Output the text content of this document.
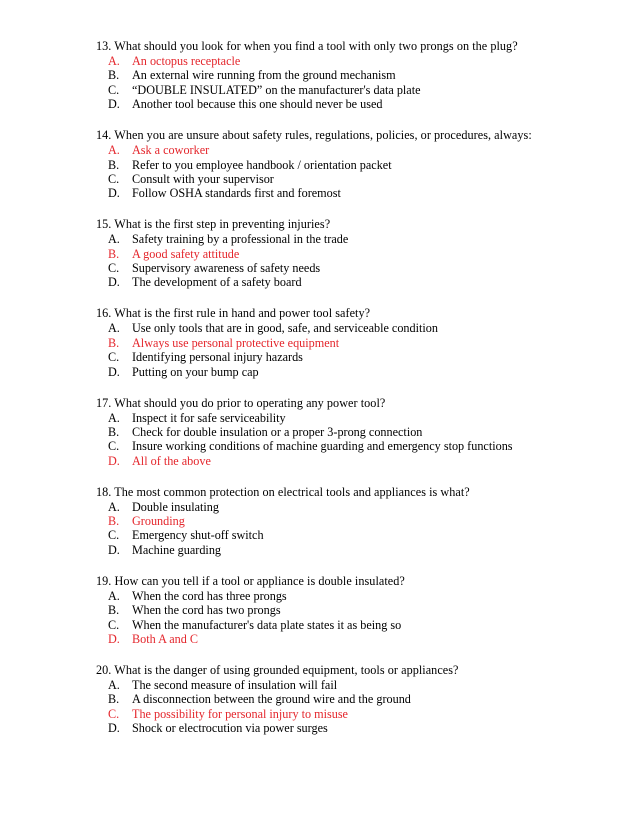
13. What should you look for when you find a tool with only two prongs on the plug?
A. An octopus receptacle
B.	An external wire running from the ground mechanism
C.	“DOUBLE INSULATED” on the manufacturer's data plate
D. Another tool because this one should never be used
14. When you are unsure about safety rules, regulations, policies, or procedures, always:
A. Ask a coworker
B.	Refer to you employee handbook / orientation packet
C.	Consult with your supervisor
D. Follow OSHA standards first and foremost
15. What is the first step in preventing injuries?
A. Safety training by a professional in the trade
B.	A good safety attitude
C.	Supervisory awareness of safety needs
D. The development of a safety board
16. What is the first rule in hand and power tool safety?
A. Use only tools that are in good, safe, and serviceable condition
B.	Always use personal protective equipment
C.	Identifying personal injury hazards
D. Putting on your bump cap
17. What should you do prior to operating any power tool?
A. Inspect it for safe serviceability
B.	Check for double insulation or a proper 3-prong connection
C.	Insure working conditions of machine guarding and emergency stop functions
D. All of the above
18. The most common protection on electrical tools and appliances is what?
A. Double insulating
B.	Grounding
C.	Emergency shut-off switch
D. Machine guarding
19. How can you tell if a tool or appliance is double insulated?
A. When the cord has three prongs
B.	When the cord has two prongs
C.	When the manufacturer's data plate states it as being so
D. Both A and C
20. What is the danger of using grounded equipment, tools or appliances?
A. The second measure of insulation will fail
B.	A disconnection between the ground wire and the ground
C.	The possibility for personal injury to misuse
D. Shock or electrocution via power surges
